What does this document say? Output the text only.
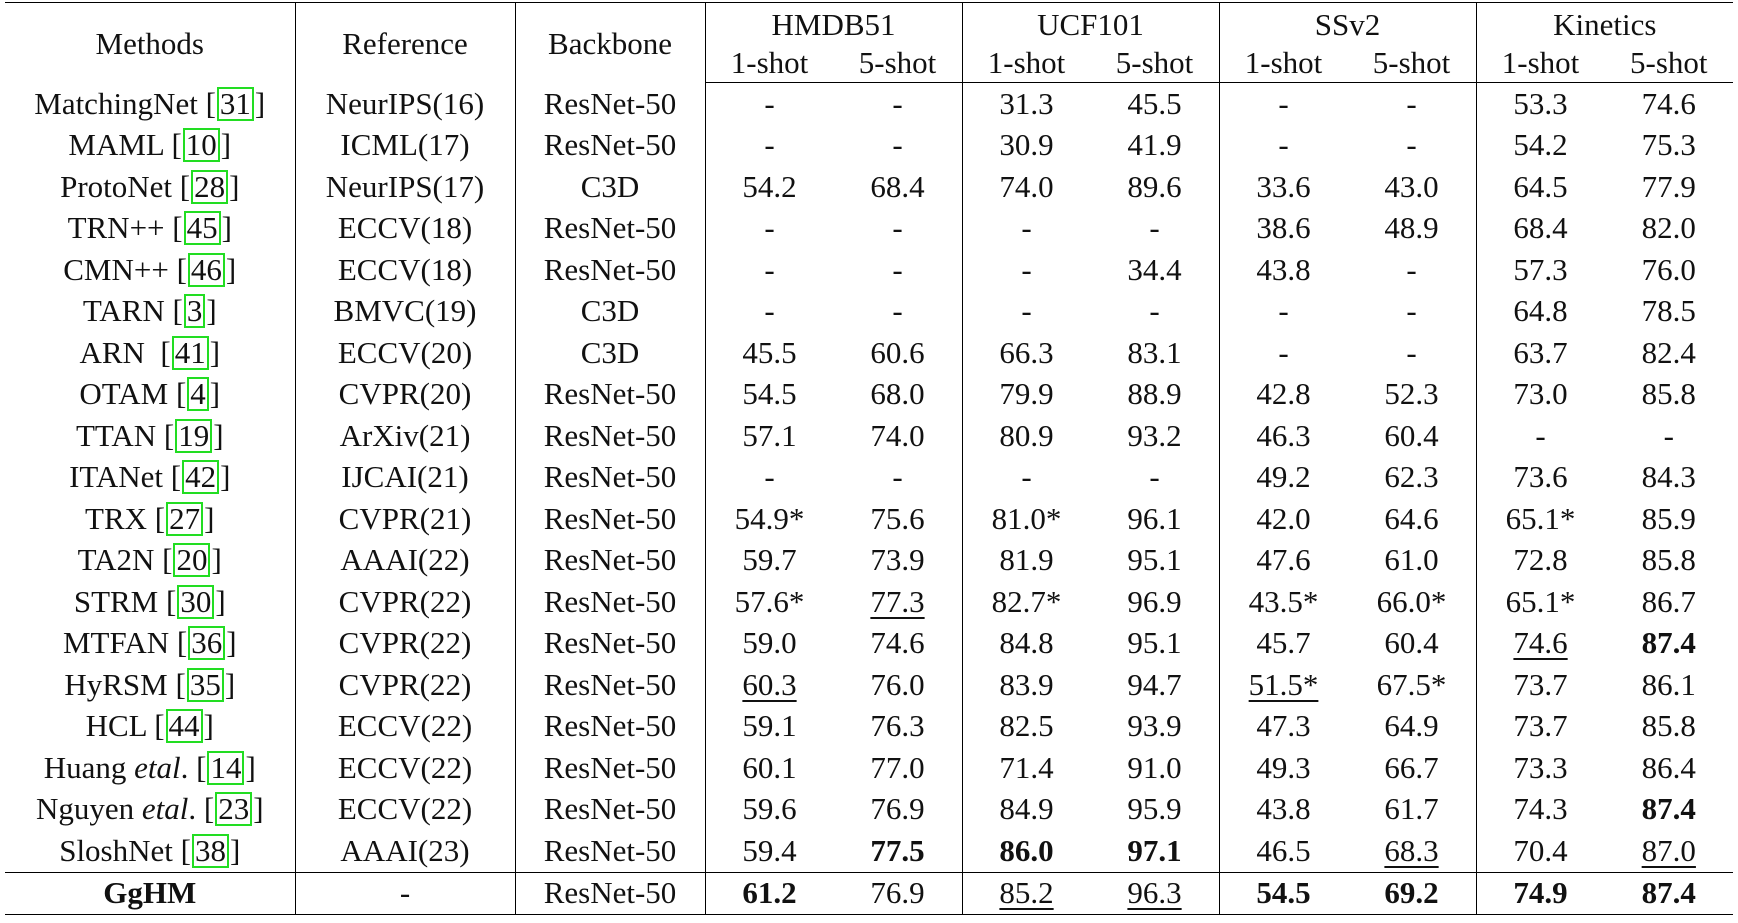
Methods	Reference	Backbone	HMDB51		UCF101		SSv2		Kinetics	
			1-shot	5-shot	1-shot	5-shot	1-shot	5-shot	1-shot	5-shot
MatchingNet [ 31 ]	NeurIPS(16)	ResNet-50	-	-	31.3	45.5	-	-	53.3	74.6
MAML [ 10 ]	ICML(17)	ResNet-50	-	-	30.9	41.9	-	-	54.2	75.3
ProtoNet [ 28 ]	NeurIPS(17)	C3D	54.2	68.4	74.0	89.6	33.6	43.0	64.5	77.9
TRN++ [ 45 ]	ECCV(18)	ResNet-50	-	-	-	-	38.6	48.9	68.4	82.0
CMN++ [ 46 ]	ECCV(18)	ResNet-50	-	-	-	34.4	43.8	-	57.3	76.0
TARN [ 3 ]	BMVC(19)	C3D	-	-	-	-	-	-	64.8	78.5
ARN  [ 41 ]	ECCV(20)	C3D	45.5	60.6	66.3	83.1	-	-	63.7	82.4
OTAM [ 4 ]	CVPR(20)	ResNet-50	54.5	68.0	79.9	88.9	42.8	52.3	73.0	85.8
TTAN [ 19 ]	ArXiv(21)	ResNet-50	57.1	74.0	80.9	93.2	46.3	60.4	-	-
ITANet [ 42 ]	IJCAI(21)	ResNet-50	-	-	-	-	49.2	62.3	73.6	84.3
TRX [ 27 ]	CVPR(21)	ResNet-50	54.9*	75.6	81.0*	96.1	42.0	64.6	65.1*	85.9
TA2N [ 20 ]	AAAI(22)	ResNet-50	59.7	73.9	81.9	95.1	47.6	61.0	72.8	85.8
STRM [ 30 ]	CVPR(22)	ResNet-50	57.6*	77.3	82.7*	96.9	43.5*	66.0*	65.1*	86.7
MTFAN [ 36 ]	CVPR(22)	ResNet-50	59.0	74.6	84.8	95.1	45.7	60.4	74.6	87.4
HyRSM [ 35 ]	CVPR(22)	ResNet-50	60.3	76.0	83.9	94.7	51.5*	67.5*	73.7	86.1
HCL [ 44 ]	ECCV(22)	ResNet-50	59.1	76.3	82.5	93.9	47.3	64.9	73.7	85.8
Huang etal. [ 14 ]	ECCV(22)	ResNet-50	60.1	77.0	71.4	91.0	49.3	66.7	73.3	86.4
Nguyen etal. [ 23 ]	ECCV(22)	ResNet-50	59.6	76.9	84.9	95.9	43.8	61.7	74.3	87.4
SloshNet [ 38 ]	AAAI(23)	ResNet-50	59.4	77.5	86.0	97.1	46.5	68.3	70.4	87.0
GgHM	-	ResNet-50	61.2	76.9	85.2	96.3	54.5	69.2	74.9	87.4
